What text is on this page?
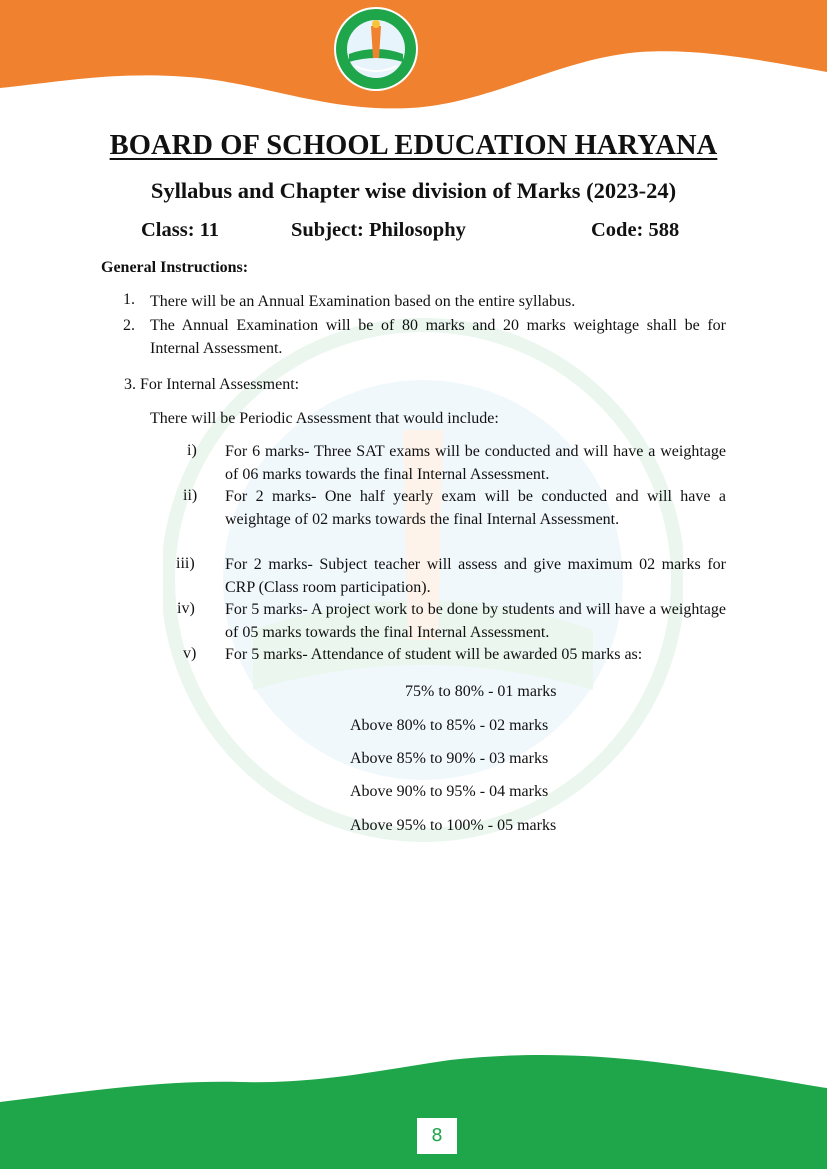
BOARD OF SCHOOL EDUCATION HARYANA
Syllabus and Chapter wise division of Marks (2023-24)
Class: 11	Subject: Philosophy	Code: 588
General Instructions:
1. There will be an Annual Examination based on the entire syllabus.
2. The Annual Examination will be of 80 marks and 20 marks weightage shall be for Internal Assessment.
3. For Internal Assessment:
There will be Periodic Assessment that would include:
i) For 6 marks- Three SAT exams will be conducted and will have a weightage of 06 marks towards the final Internal Assessment.
ii) For 2 marks- One half yearly exam will be conducted and will have a weightage of 02 marks towards the final Internal Assessment.
iii) For 2 marks- Subject teacher will assess and give maximum 02 marks for CRP (Class room participation).
iv) For 5 marks- A project work to be done by students and will have a weightage of 05 marks towards the final Internal Assessment.
v) For 5 marks- Attendance of student will be awarded 05 marks as:
75% to 80% - 01 marks
Above 80% to 85% - 02 marks
Above 85% to 90% - 03 marks
Above 90% to 95% - 04 marks
Above 95% to 100% - 05 marks
8
